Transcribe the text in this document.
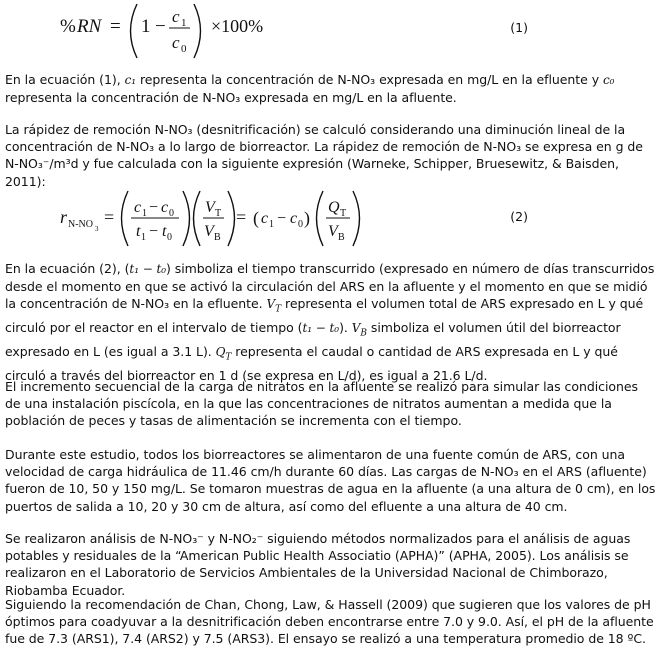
% RN = 1 − c 1
c 0
×100%	(1)

En la ecuación (1), c₁ representa la concentración de N-NO₃ expresada en mg/L en la efluente y c₀ representa la concentración de N-NO₃ expresada en mg/L en la afluente.

La rápidez de remoción N-NO₃ (desnitrificación) se calculó considerando una diminución lineal de la concentración de N-NO₃ a lo largo de biorreactor. La rápidez de remoción de N-NO₃ se expresa en g de N-NO₃⁻/m³d y fue calculada con la siguiente expresión (Warneke, Schipper, Bruesewitz, & Baisden, 2011):

r N-NO 3
= c 1 − c 0
t 1 − t 0
V T
V B
= ( c 1 − c 0 )
Q T
V B
(2)

En la ecuación (2), (t₁ − t₀) simboliza el tiempo transcurrido (expresado en número de días transcurridos desde el momento en que se activó la circulación del ARS en la afluente y el momento en que se midió la concentración de N-NO₃ en la efluente. $V_T$ representa el volumen total de ARS expresado en L y qué circuló por el reactor en el intervalo de tiempo (t₁ − t₀). $V_B$ simboliza el volumen útil del biorreactor expresado en L (es igual a 3.1 L). $Q_T$ representa el caudal o cantidad de ARS expresada en L y qué circuló a través del biorreactor en 1 d (se expresa en L/d), es igual a 21.6 L/d.

El incremento secuencial de la carga de nitratos en la afluente se realizó para simular las condiciones de una instalación piscícola, en la que las concentraciones de nitratos aumentan a medida que la población de peces y tasas de alimentación se incrementa con el tiempo.

Durante este estudio, todos los biorreactores se alimentaron de una fuente común de ARS, con una velocidad de carga hidráulica de 11.46 cm/h durante 60 días. Las cargas de N-NO₃ en el ARS (afluente) fueron de 10, 50 y 150 mg/L. Se tomaron muestras de agua en la afluente (a una altura de 0 cm), en los puertos de salida a 10, 20 y 30 cm de altura, así como del efluente a una altura de 40 cm.

Se realizaron análisis de N-NO₃⁻ y N-NO₂⁻ siguiendo métodos normalizados para el análisis de aguas potables y residuales de la “American Public Health Associatio (APHA)” (APHA, 2005). Los análisis se realizaron en el Laboratorio de Servicios Ambientales de la Universidad Nacional de Chimborazo, Riobamba Ecuador.

Siguiendo la recomendación de Chan, Chong, Law, & Hassell (2009) que sugieren que los valores de pH óptimos para coadyuvar a la desnitrificación deben encontrarse entre 7.0 y 9.0. Así, el pH de la afluente fue de 7.3 (ARS1), 7.4 (ARS2) y 7.5 (ARS3). El ensayo se realizó a una temperatura promedio de 18 ºC.
